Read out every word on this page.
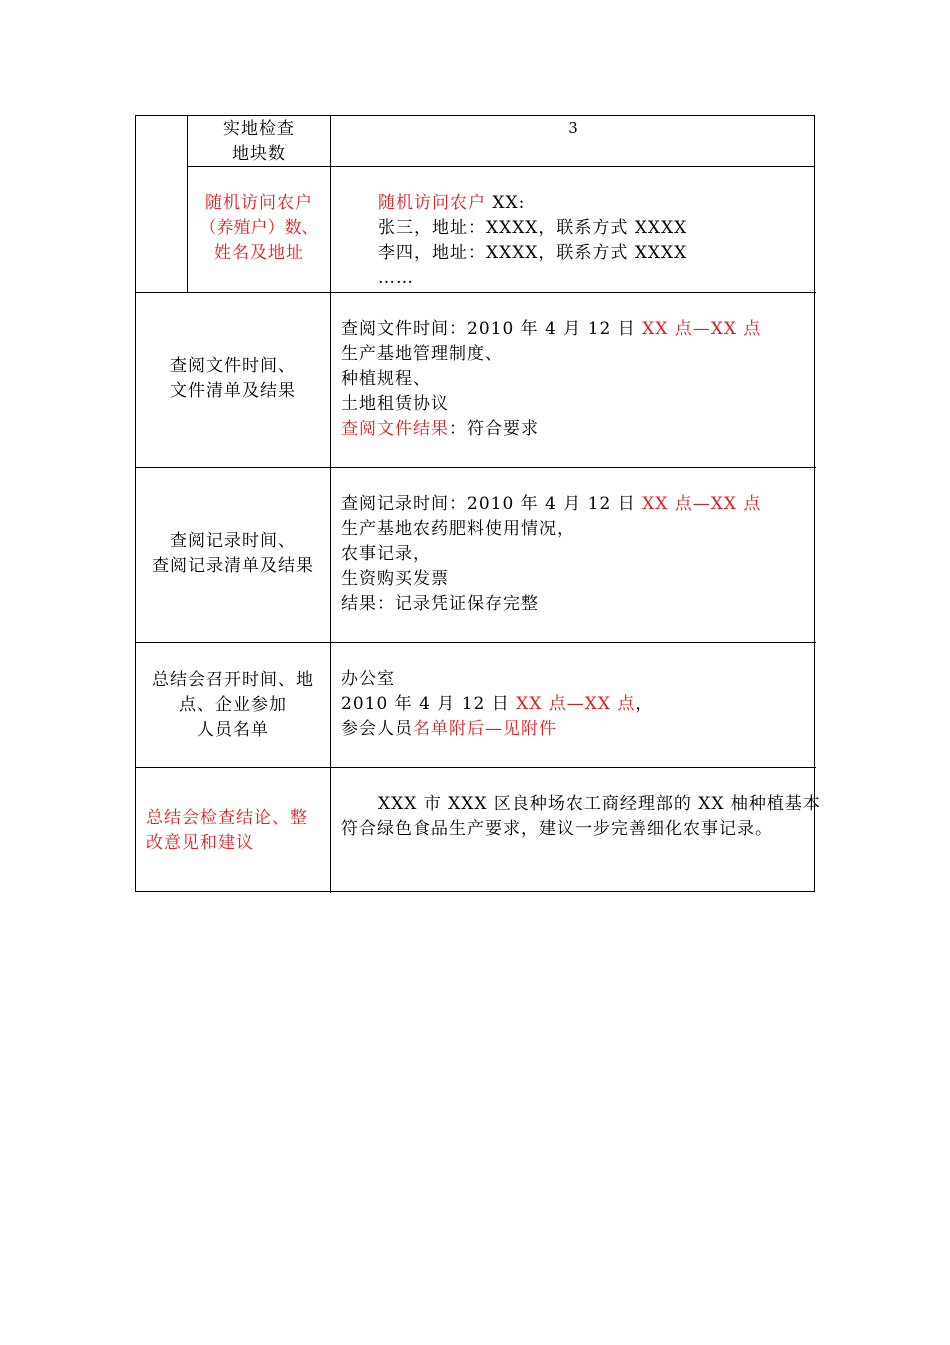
实地检查
地块数
3
随机访问农户
（养殖户）数、
姓名及地址
随机访问农户 XX:
张三，地址：XXXX，联系方式 XXXX
李四，地址：XXXX，联系方式 XXXX
……
查阅文件时间、
文件清单及结果
查阅文件时间：2010 年 4 月 12 日 XX 点—XX 点
生产基地管理制度、
种植规程、
土地租赁协议
查阅文件结果：符合要求
查阅记录时间、
查阅记录清单及结果
查阅记录时间：2010 年 4 月 12 日 XX 点—XX 点
生产基地农药肥料使用情况，
农事记录，
生资购买发票
结果：记录凭证保存完整
总结会召开时间、地
点、企业参加
人员名单
办公室
2010 年 4 月 12 日 XX 点—XX 点，
参会人员名单附后—见附件
总结会检查结论、整
改意见和建议
XXX 市 XXX 区良种场农工商经理部的 XX 柚种植基本
符合绿色食品生产要求，建议一步完善细化农事记录。
